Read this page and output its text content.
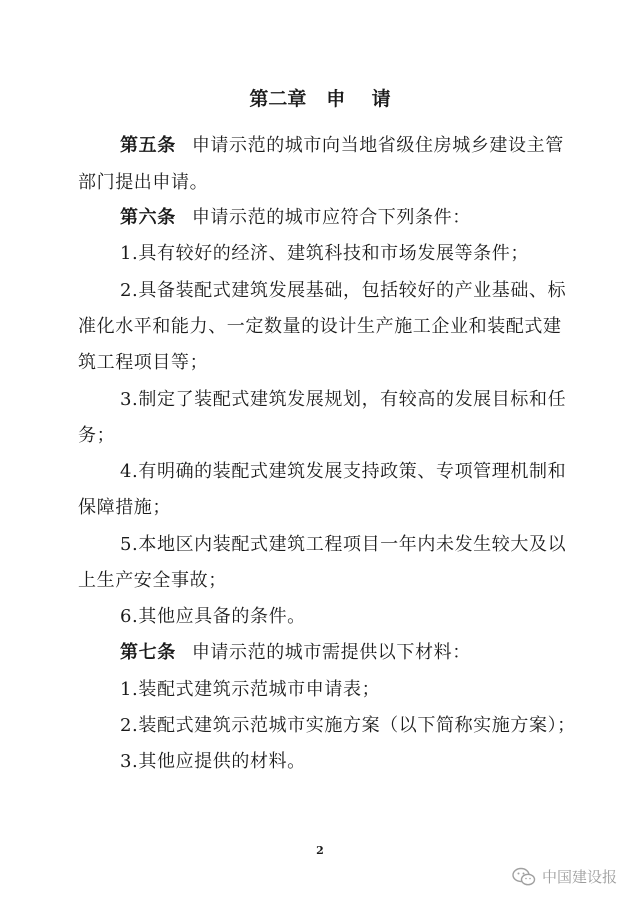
第二章   申    请
第五条 申请示范的城市向当地省级住房城乡建设主管
部门提出申请。
第六条 申请示范的城市应符合下列条件：
1.具有较好的经济、建筑科技和市场发展等条件；
2.具备装配式建筑发展基础，包括较好的产业基础、标
准化水平和能力、一定数量的设计生产施工企业和装配式建
筑工程项目等；
3.制定了装配式建筑发展规划，有较高的发展目标和任
务；
4.有明确的装配式建筑发展支持政策、专项管理机制和
保障措施；
5.本地区内装配式建筑工程项目一年内未发生较大及以
上生产安全事故；
6.其他应具备的条件。
第七条 申请示范的城市需提供以下材料：
1.装配式建筑示范城市申请表；
2.装配式建筑示范城市实施方案（以下简称实施方案）；
3.其他应提供的材料。
2
中国建设报
